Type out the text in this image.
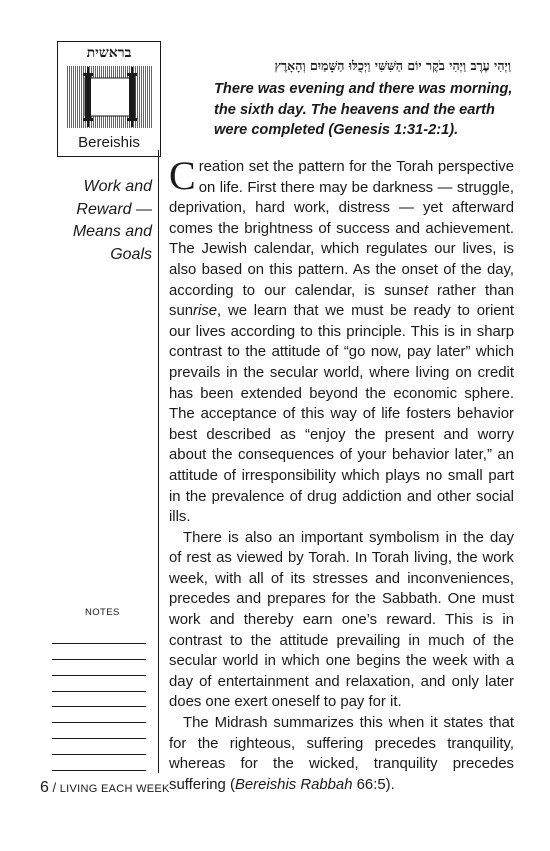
בראשית
Bereishis
Work and
Reward —
Means and
Goals
וַיְהִי עֶרֶב וַיְהִי בֹקֶר יוֹם הַשִּׁשִּׁי וַיְכֻלּוּ הַשָּׁמַיִם וְהָאָרֶץ
There was evening and there was morning, the sixth day. The heavens and the earth were completed (Genesis 1:31-2:1).

Creation set the pattern for the Torah perspective on life. First there may be darkness — struggle, deprivation, hard work, distress — yet afterward comes the brightness of success and achievement. The Jewish calendar, which regulates our lives, is also based on this pattern. As the onset of the day, according to our calendar, is sunset rather than sunrise, we learn that we must be ready to orient our lives according to this principle. This is in sharp contrast to the attitude of “go now, pay later” which prevails in the secular world, where living on credit has been extended beyond the economic sphere. The acceptance of this way of life fosters behavior best described as “enjoy the present and worry about the consequences of your behavior later,” an attitude of irresponsibility which plays no small part in the prevalence of drug addiction and other social ills.

There is also an important symbolism in the day of rest as viewed by Torah. In Torah living, the work week, with all of its stresses and inconveniences, precedes and prepares for the Sabbath. One must work and thereby earn one’s reward. This is in contrast to the attitude prevailing in much of the secular world in which one begins the week with a day of entertainment and relaxation, and only later does one exert oneself to pay for it.

The Midrash summarizes this when it states that for the righteous, suffering precedes tranquility, whereas for the wicked, tranquility precedes suffering (Bereishis Rabbah 66:5).

NOTES
6 / LIVING EACH WEEK
